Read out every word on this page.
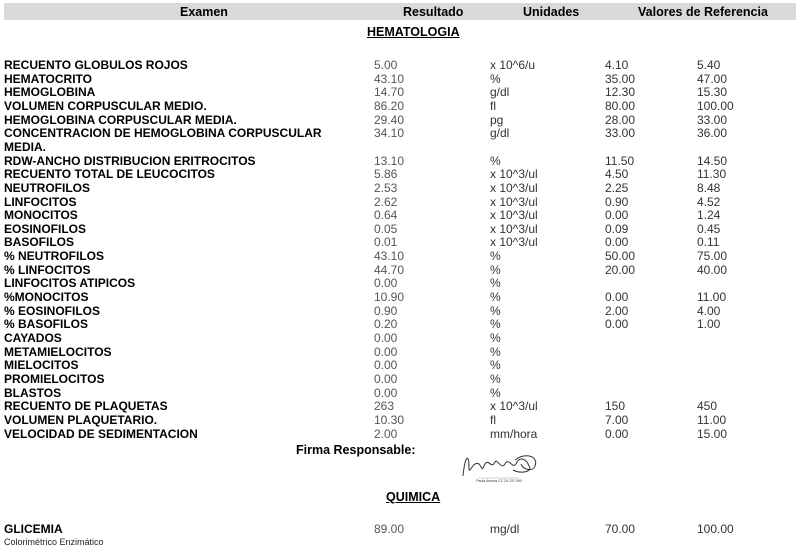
Examen	Resultado	Unidades	Valores de Referencia
HEMATOLOGIA
RECUENTO GLOBULOS ROJOS	5.00	x 10^6/u	4.10	5.40
HEMATOCRITO	43.10	%	35.00	47.00
HEMOGLOBINA	14.70	g/dl	12.30	15.30
VOLUMEN CORPUSCULAR MEDIO.	86.20	fl	80.00	100.00
HEMOGLOBINA CORPUSCULAR MEDIA.	29.40	pg	28.00	33.00
CONCENTRACION DE HEMOGLOBINA CORPUSCULAR	34.10	g/dl	33.00	36.00
MEDIA.
RDW-ANCHO DISTRIBUCION ERITROCITOS	13.10	%	11.50	14.50
RECUENTO TOTAL DE LEUCOCITOS	5.86	x 10^3/ul	4.50	11.30
NEUTROFILOS	2.53	x 10^3/ul	2.25	8.48
LINFOCITOS	2.62	x 10^3/ul	0.90	4.52
MONOCITOS	0.64	x 10^3/ul	0.00	1.24
EOSINOFILOS	0.05	x 10^3/ul	0.09	0.45
BASOFILOS	0.01	x 10^3/ul	0.00	0.11
% NEUTROFILOS	43.10	%	50.00	75.00
% LINFOCITOS	44.70	%	20.00	40.00
LINFOCITOS ATIPICOS	0.00	%
%MONOCITOS	10.90	%	0.00	11.00
% EOSINOFILOS	0.90	%	2.00	4.00
% BASOFILOS	0.20	%	0.00	1.00
CAYADOS	0.00	%
METAMIELOCITOS	0.00	%
MIELOCITOS	0.00	%
PROMIELOCITOS	0.00	%
BLASTOS	0.00	%
RECUENTO DE PLAQUETAS	263	x 10^3/ul	150	450
VOLUMEN PLAQUETARIO.	10.30	fl	7.00	11.00
VELOCIDAD DE SEDIMENTACION	2.00	mm/hora	0.00	15.00
Firma Responsable:
Paula Andrea CC 24.137.090
QUIMICA
GLICEMIA	89.00	mg/dl	70.00	100.00
Colorimétrico Enzimático
